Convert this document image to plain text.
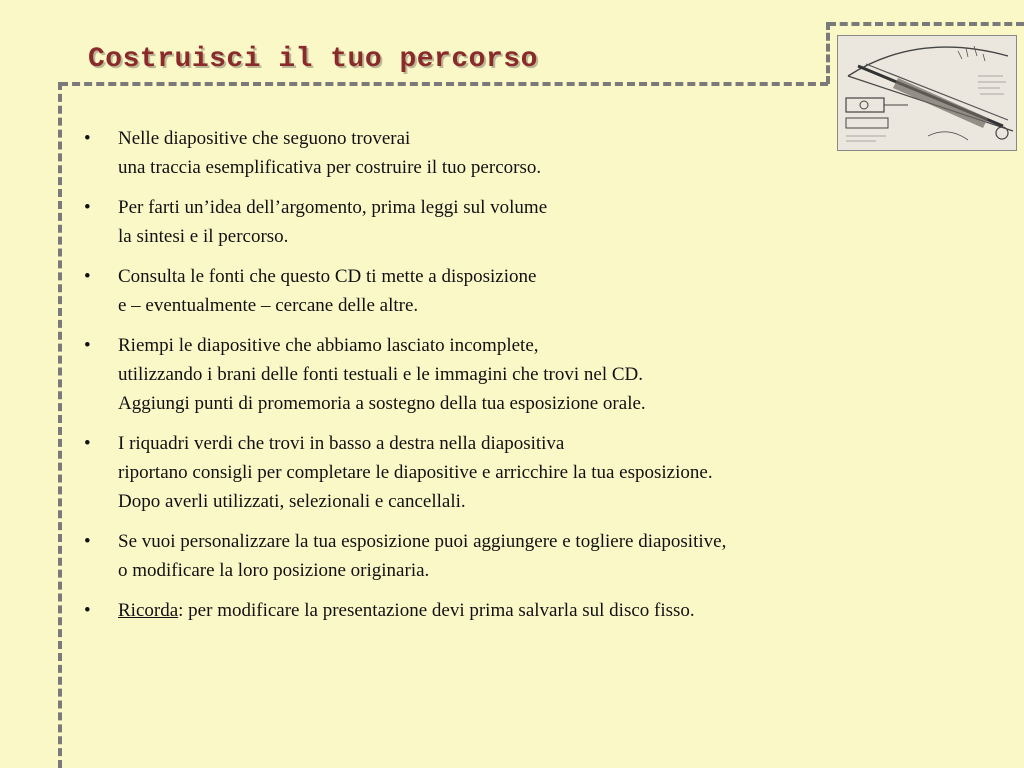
Costruisci il tuo percorso
• Nelle diapositive che seguono troverai
una traccia esemplificativa per costruire il tuo percorso.
• Per farti un’idea dell’argomento, prima leggi sul volume
la sintesi e il percorso.
• Consulta le fonti che questo CD ti mette a disposizione
e – eventualmente – cercane delle altre.
• Riempi le diapositive che abbiamo lasciato incomplete,
utilizzando i brani delle fonti testuali e le immagini che trovi nel CD.
Aggiungi punti di promemoria a sostegno della tua esposizione orale.
• I riquadri verdi che trovi in basso a destra nella diapositiva
riportano consigli per completare le diapositive e arricchire la tua esposizione.
Dopo averli utilizzati, selezionali e cancellali.
• Se vuoi personalizzare la tua esposizione puoi aggiungere e togliere diapositive,
o modificare la loro posizione originaria.
• Ricorda: per modificare la presentazione devi prima salvarla sul disco fisso.
